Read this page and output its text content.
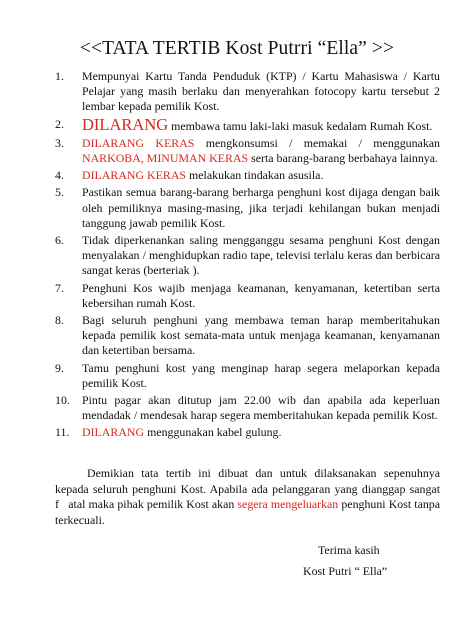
<<TATA TERTIB Kost Putrri “Ella” >>
1. Mempunyai Kartu Tanda Penduduk (KTP) / Kartu Mahasiswa / Kartu Pelajar yang masih berlaku dan menyerahkan fotocopy kartu tersebut 2 lembar kepada pemilik Kost.
2. DILARANG membawa tamu laki-laki masuk kedalam Rumah Kost.
3. DILARANG KERAS mengkonsumsi / memakai / menggunakan NARKOBA, MINUMAN KERAS serta barang-barang berbahaya lainnya.
4. DILARANG KERAS melakukan tindakan asusila.
5. Pastikan semua barang-barang berharga penghuni kost dijaga dengan baik oleh pemiliknya masing-masing, jika terjadi kehilangan bukan menjadi tanggung jawab pemilik Kost.
6. Tidak diperkenankan saling mengganggu sesama penghuni Kost dengan menyalakan / menghidupkan radio tape, televisi terlalu keras dan berbicara sangat keras (berteriak ).
7. Penghuni Kos wajib menjaga keamanan, kenyamanan, ketertiban serta kebersihan rumah Kost.
8. Bagi seluruh penghuni yang membawa teman harap memberitahukan kepada pemilik kost semata-mata untuk menjaga keamanan, kenyamanan dan ketertiban bersama.
9. Tamu penghuni kost yang menginap harap segera melaporkan kepada pemilik Kost.
10. Pintu pagar akan ditutup jam 22.00 wib dan apabila ada keperluan mendadak / mendesak harap segera memberitahukan kepada pemilik Kost.
11. DILARANG menggunakan kabel gulung.
Demikian tata tertib ini dibuat dan untuk dilaksanakan sepenuhnya kepada seluruh penghuni Kost. Apabila ada pelanggaran yang dianggap sangat f   atal maka pihak pemilik Kost akan segera mengeluarkan penghuni Kost tanpa terkecuali.
Terima kasih
Kost Putri “ Ella”
